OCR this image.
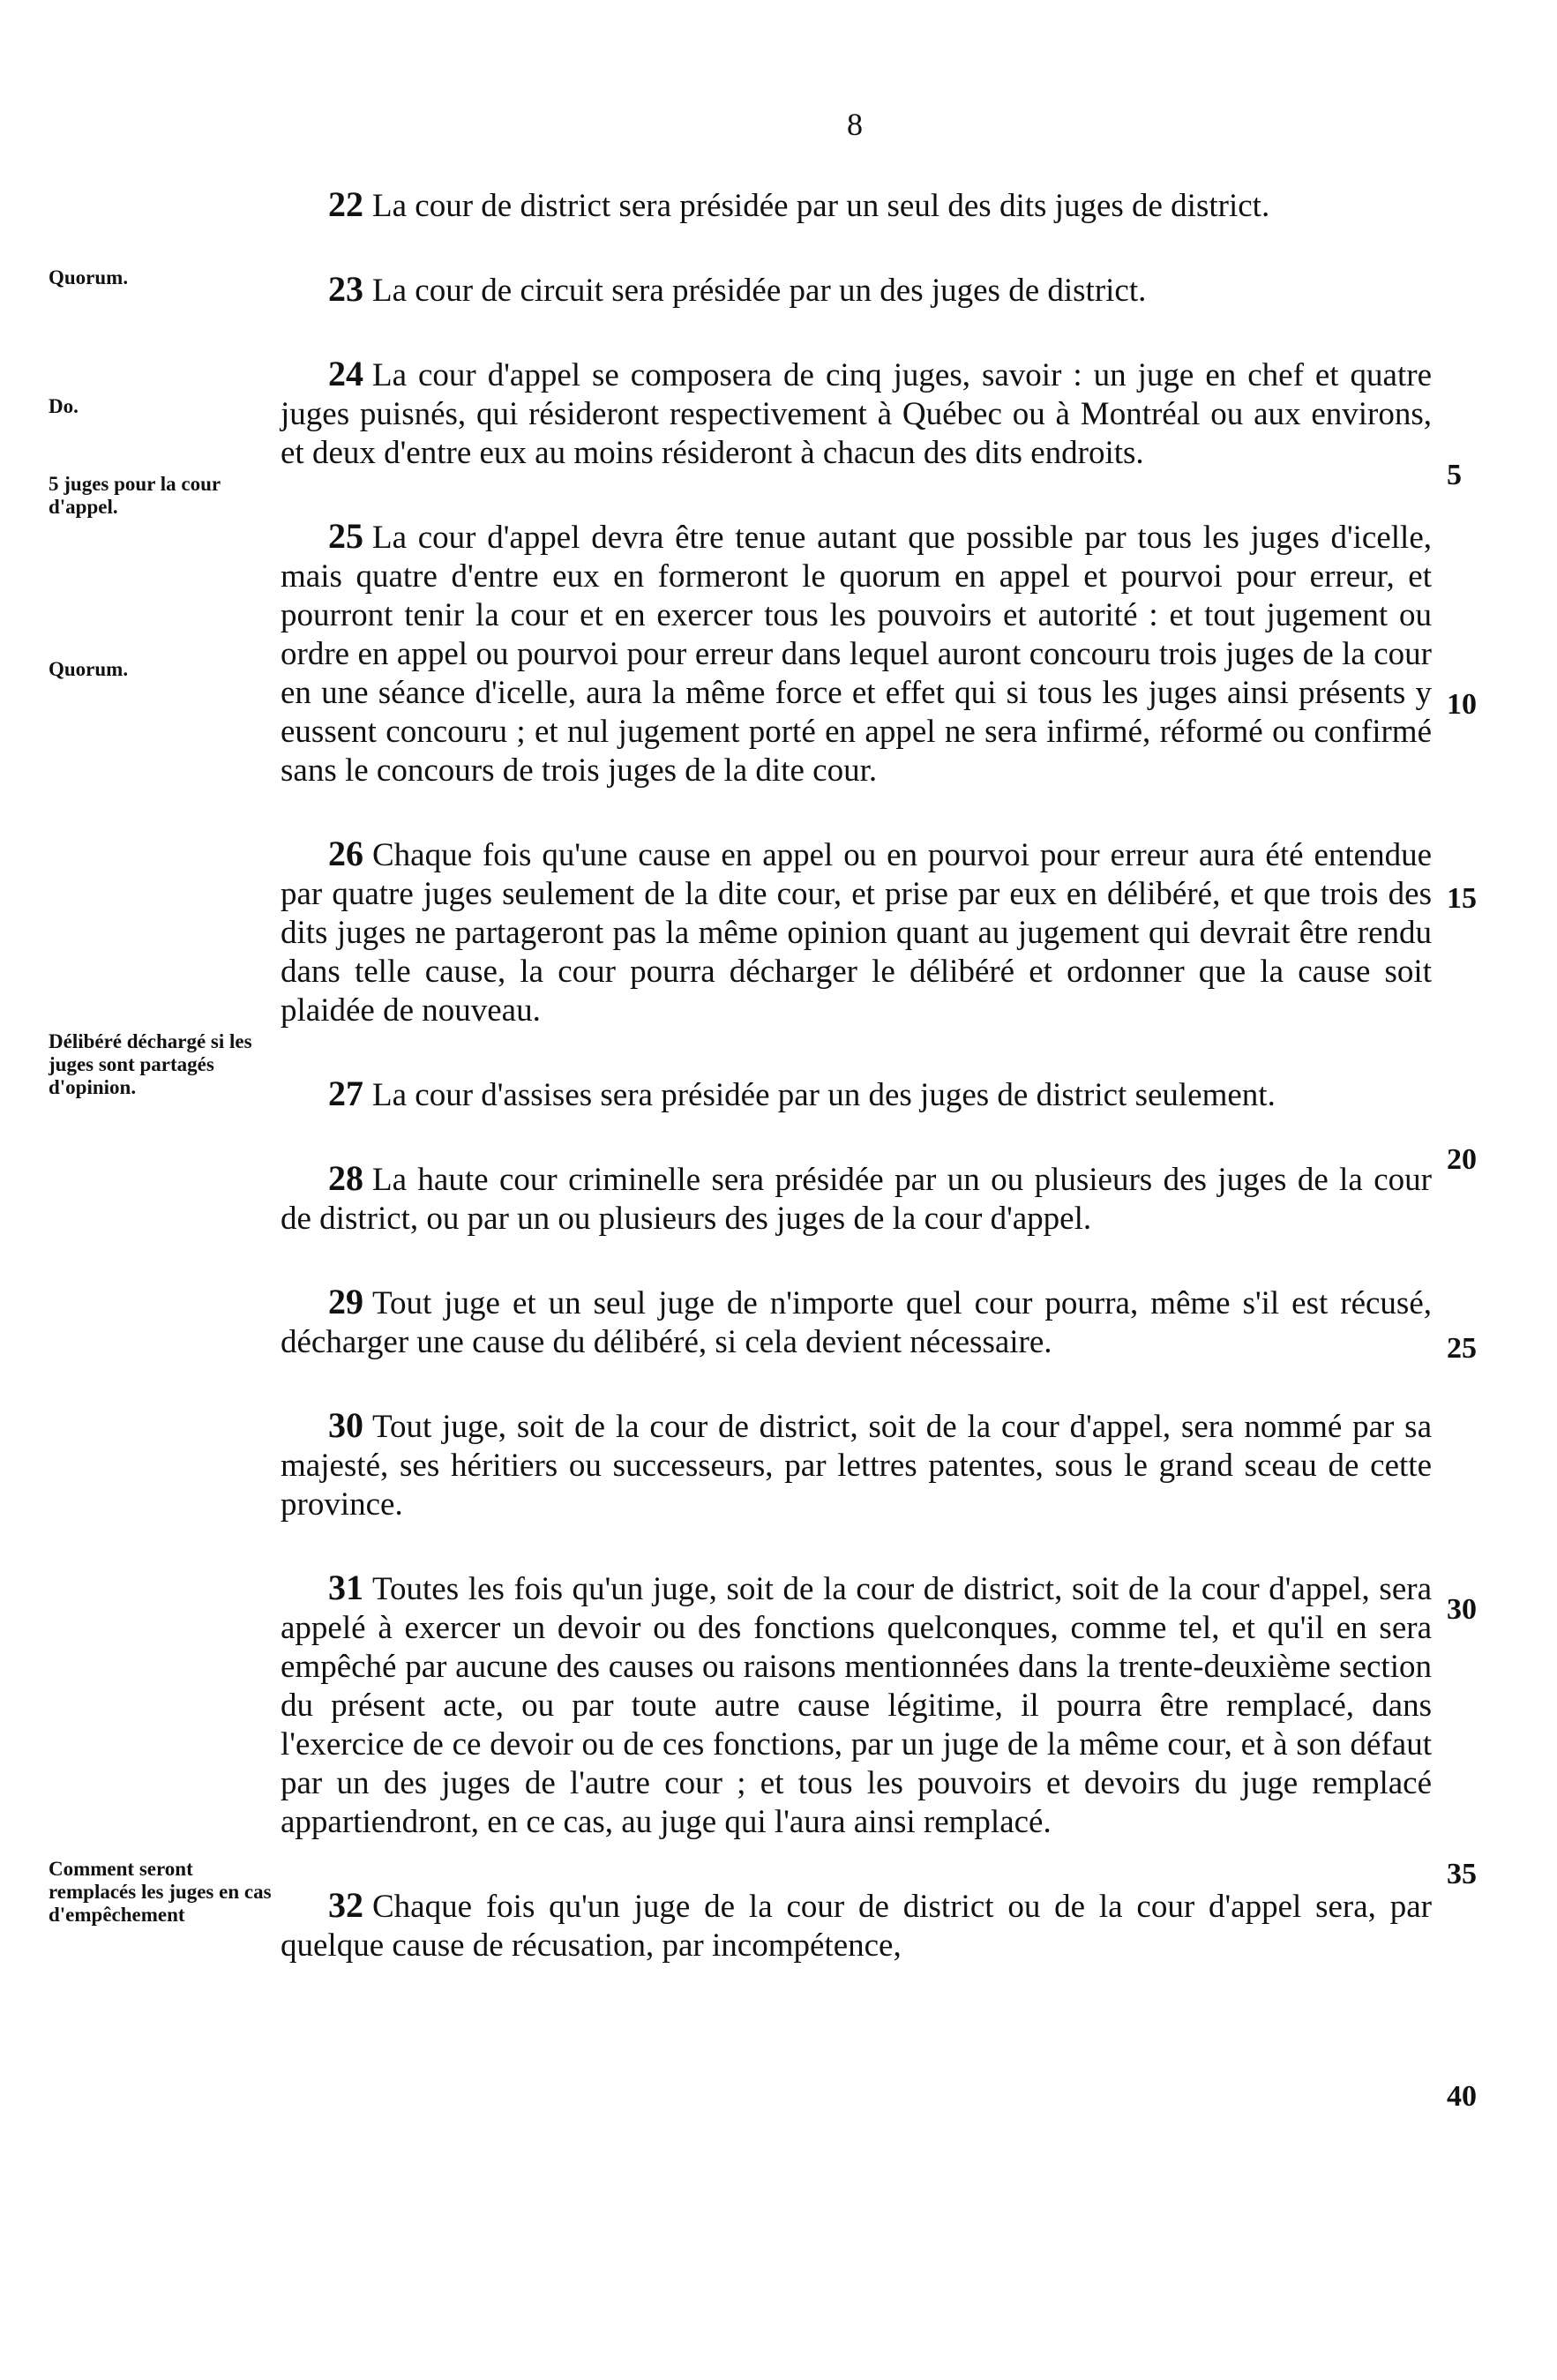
8
Quorum.
Do.
5 juges pour la cour d'appel.
Quorum.
Délibéré déchargé si les juges sont partagés d'opinion.
Comment seront remplacés les juges en cas d'empêchement
5
10
15
20
25
30
35
40

22 La cour de district sera présidée par un seul des dits juges de district.

23 La cour de circuit sera présidée par un des juges de district.

24 La cour d'appel se composera de cinq juges, savoir : un juge en chef et quatre juges puisnés, qui résideront respectivement à Québec ou à Montréal ou aux environs, et deux d'entre eux au moins résideront à chacun des dits endroits.

25 La cour d'appel devra être tenue autant que possible par tous les juges d'icelle, mais quatre d'entre eux en formeront le quorum en appel et pourvoi pour erreur, et pourront tenir la cour et en exercer tous les pouvoirs et autorité : et tout jugement ou ordre en appel ou pourvoi pour erreur dans lequel auront concouru trois juges de la cour en une séance d'icelle, aura la même force et effet qui si tous les juges ainsi présents y eussent concouru ; et nul jugement porté en appel ne sera infirmé, réformé ou confirmé sans le concours de trois juges de la dite cour.

26 Chaque fois qu'une cause en appel ou en pourvoi pour erreur aura été entendue par quatre juges seulement de la dite cour, et prise par eux en délibéré, et que trois des dits juges ne partageront pas la même opinion quant au jugement qui devrait être rendu dans telle cause, la cour pourra décharger le délibéré et ordonner que la cause soit plaidée de nouveau.

27 La cour d'assises sera présidée par un des juges de district seulement.

28 La haute cour criminelle sera présidée par un ou plusieurs des juges de la cour de district, ou par un ou plusieurs des juges de la cour d'appel.

29 Tout juge et un seul juge de n'importe quel cour pourra, même s'il est récusé, décharger une cause du délibéré, si cela devient nécessaire.

30 Tout juge, soit de la cour de district, soit de la cour d'appel, sera nommé par sa majesté, ses héritiers ou successeurs, par lettres patentes, sous le grand sceau de cette province.

31 Toutes les fois qu'un juge, soit de la cour de district, soit de la cour d'appel, sera appelé à exercer un devoir ou des fonctions quelconques, comme tel, et qu'il en sera empêché par aucune des causes ou raisons mentionnées dans la trente-deuxième section du présent acte, ou par toute autre cause légitime, il pourra être remplacé, dans l'exercice de ce devoir ou de ces fonctions, par un juge de la même cour, et à son défaut par un des juges de l'autre cour ; et tous les pouvoirs et devoirs du juge remplacé appartiendront, en ce cas, au juge qui l'aura ainsi remplacé.

32 Chaque fois qu'un juge de la cour de district ou de la cour d'appel sera, par quelque cause de récusation, par incompétence,
